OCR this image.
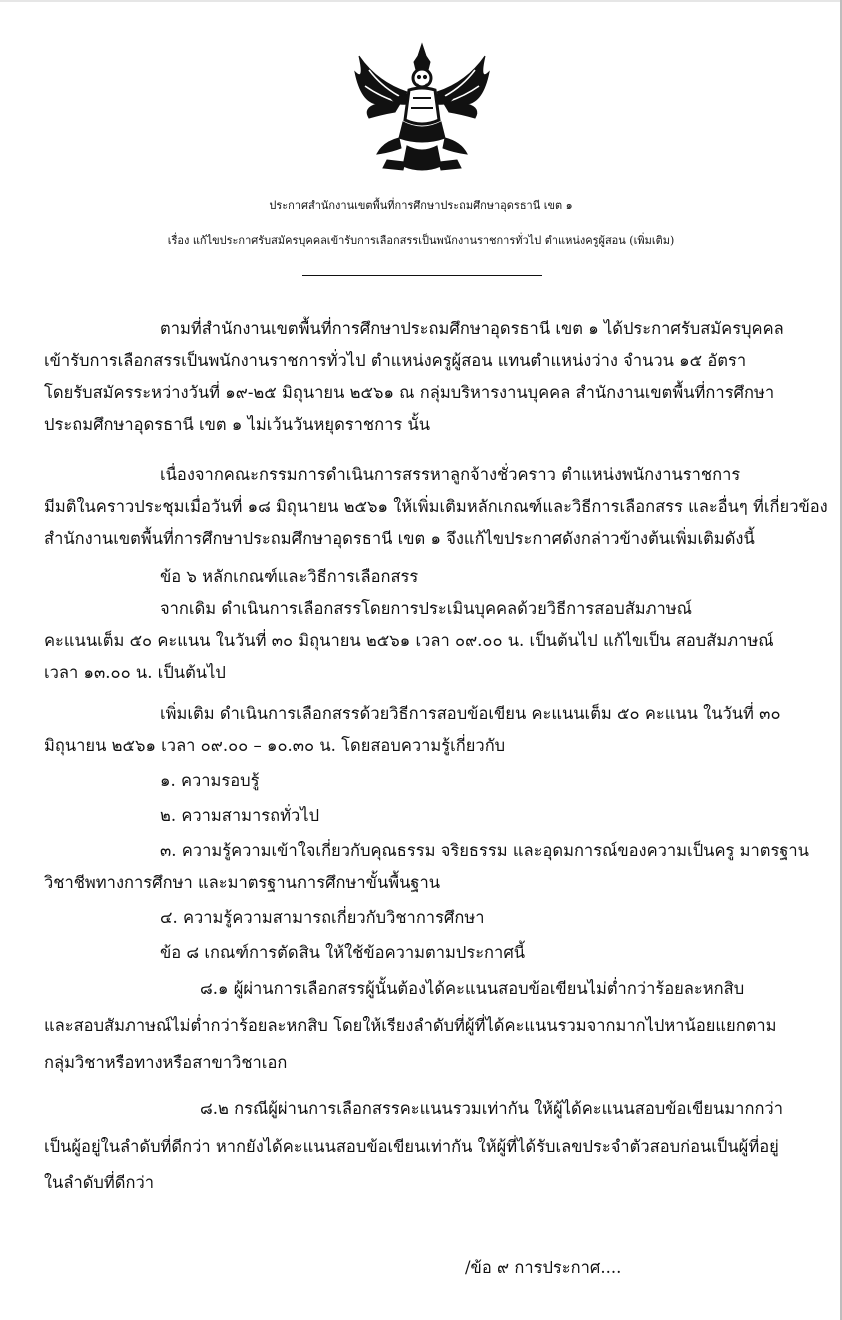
ประกาศสำนักงานเขตพื้นที่การศึกษาประถมศึกษาอุดรธานี เขต ๑

เรื่อง แก้ไขประกาศรับสมัครบุคคลเข้ารับการเลือกสรรเป็นพนักงานราชการทั่วไป ตำแหน่งครูผู้สอน (เพิ่มเติม)

ตามที่สำนักงานเขตพื้นที่การศึกษาประถมศึกษาอุดรธานี เขต ๑ ได้ประกาศรับสมัครบุคคล

เข้ารับการเลือกสรรเป็นพนักงานราชการทั่วไป ตำแหน่งครูผู้สอน แทนตำแหน่งว่าง จำนวน ๑๕ อัตรา

โดยรับสมัครระหว่างวันที่ ๑๙-๒๕ มิถุนายน ๒๕๖๑ ณ กลุ่มบริหารงานบุคคล สำนักงานเขตพื้นที่การศึกษา

ประถมศึกษาอุดรธานี เขต ๑ ไม่เว้นวันหยุดราชการ นั้น

เนื่องจากคณะกรรมการดำเนินการสรรหาลูกจ้างชั่วคราว ตำแหน่งพนักงานราชการ

มีมติในคราวประชุมเมื่อวันที่ ๑๘ มิถุนายน ๒๕๖๑ ให้เพิ่มเติมหลักเกณฑ์และวิธีการเลือกสรร และอื่นๆ ที่เกี่ยวข้อง

สำนักงานเขตพื้นที่การศึกษาประถมศึกษาอุดรธานี เขต ๑ จึงแก้ไขประกาศดังกล่าวข้างต้นเพิ่มเติมดังนี้

ข้อ ๖ หลักเกณฑ์และวิธีการเลือกสรร

จากเดิม ดำเนินการเลือกสรรโดยการประเมินบุคคลด้วยวิธีการสอบสัมภาษณ์

คะแนนเต็ม ๕๐ คะแนน ในวันที่ ๓๐ มิถุนายน ๒๕๖๑ เวลา ๐๙.๐๐ น. เป็นต้นไป แก้ไขเป็น สอบสัมภาษณ์

เวลา ๑๓.๐๐ น. เป็นต้นไป

เพิ่มเติม ดำเนินการเลือกสรรด้วยวิธีการสอบข้อเขียน คะแนนเต็ม ๕๐ คะแนน ในวันที่ ๓๐

มิถุนายน ๒๕๖๑ เวลา ๐๙.๐๐ – ๑๐.๓๐ น. โดยสอบความรู้เกี่ยวกับ

๑. ความรอบรู้

๒. ความสามารถทั่วไป

๓. ความรู้ความเข้าใจเกี่ยวกับคุณธรรม จริยธรรม และอุดมการณ์ของความเป็นครู มาตรฐาน

วิชาชีพทางการศึกษา และมาตรฐานการศึกษาขั้นพื้นฐาน

๔. ความรู้ความสามารถเกี่ยวกับวิชาการศึกษา

ข้อ ๘ เกณฑ์การตัดสิน ให้ใช้ข้อความตามประกาศนี้

๘.๑ ผู้ผ่านการเลือกสรรผู้นั้นต้องได้คะแนนสอบข้อเขียนไม่ต่ำกว่าร้อยละหกสิบ

และสอบสัมภาษณ์ไม่ต่ำกว่าร้อยละหกสิบ โดยให้เรียงลำดับที่ผู้ที่ได้คะแนนรวมจากมากไปหาน้อยแยกตาม

กลุ่มวิชาหรือทางหรือสาขาวิชาเอก

๘.๒ กรณีผู้ผ่านการเลือกสรรคะแนนรวมเท่ากัน ให้ผู้ได้คะแนนสอบข้อเขียนมากกว่า

เป็นผู้อยู่ในลำดับที่ดีกว่า หากยังได้คะแนนสอบข้อเขียนเท่ากัน ให้ผู้ที่ได้รับเลขประจำตัวสอบก่อนเป็นผู้ที่อยู่

ในลำดับที่ดีกว่า

/ข้อ ๙ การประกาศ....
